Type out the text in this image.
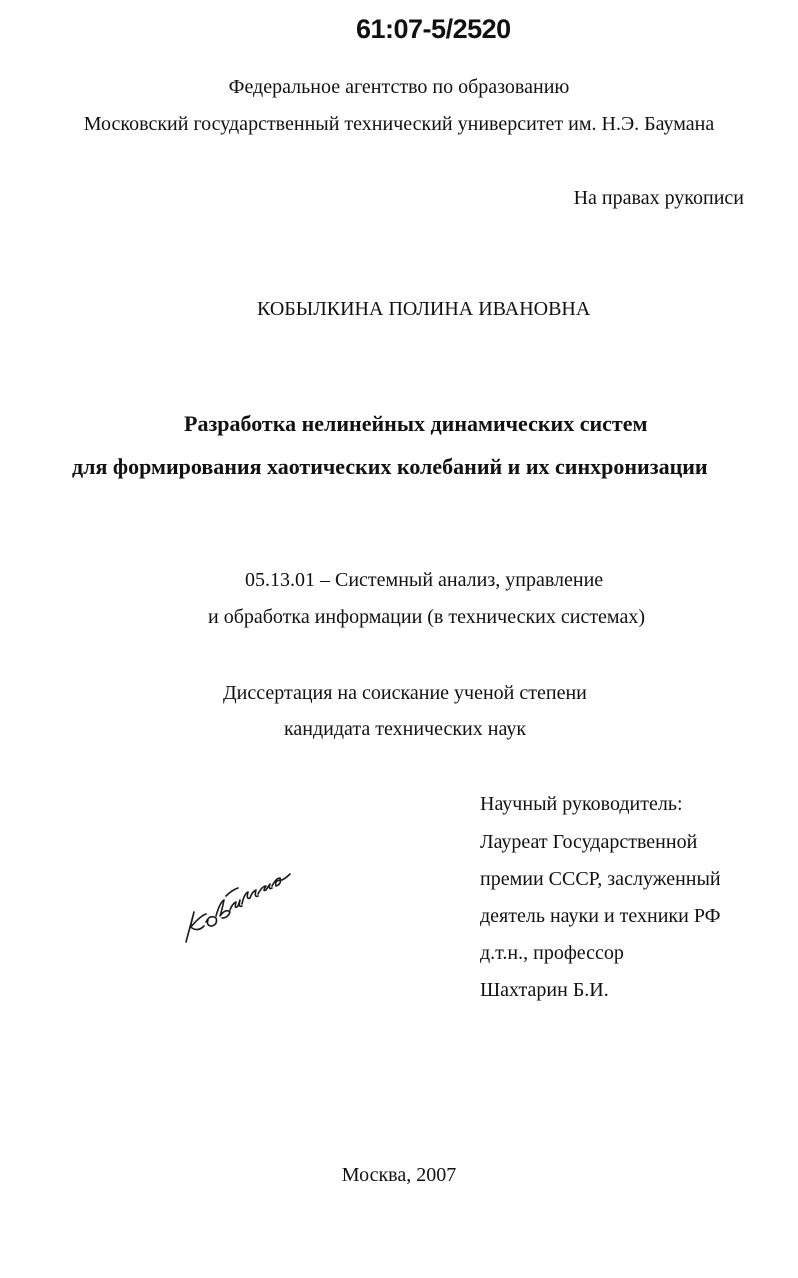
61:07-5/2520
Федеральное агентство по образованию
Московский государственный технический университет им. Н.Э. Баумана
На правах рукописи
КОБЫЛКИНА ПОЛИНА ИВАНОВНА
Разработка нелинейных динамических систем
для формирования хаотических колебаний и их синхронизации
05.13.01 – Системный анализ, управление
и обработка информации (в технических системах)
Диссертация на соискание ученой степени
кандидата технических наук
Научный руководитель:
Лауреат Государственной
премии СССР, заслуженный
деятель науки и техники РФ
д.т.н., профессор
Шахтарин Б.И.
Москва, 2007
